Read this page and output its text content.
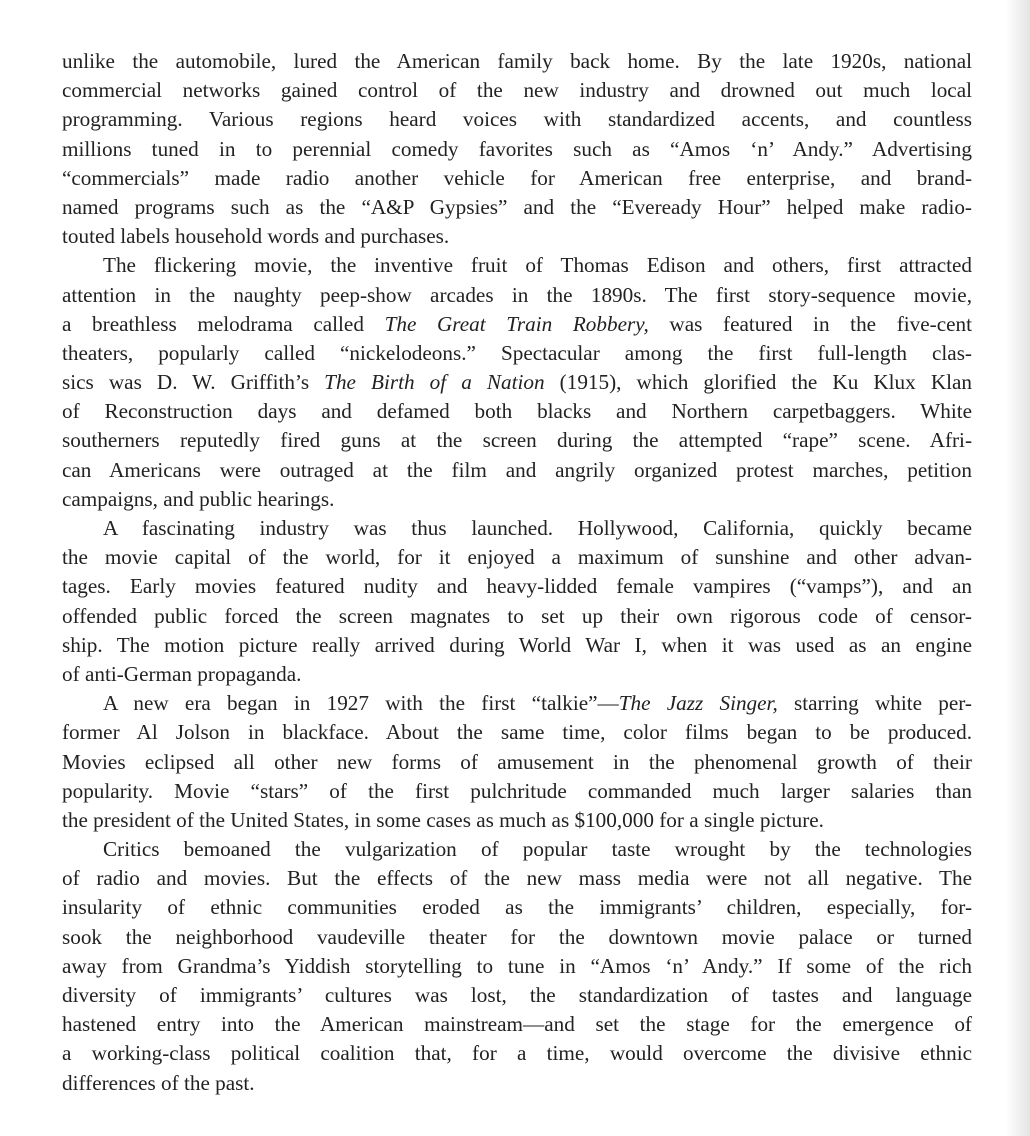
unlike the automobile, lured the American family back home. By the late 1920s, national
commercial networks gained control of the new industry and drowned out much local
programming. Various regions heard voices with standardized accents, and countless
millions tuned in to perennial comedy favorites such as “Amos ‘n’ Andy.” Advertising
“commercials” made radio another vehicle for American free enterprise, and brand-
named programs such as the “A&P Gypsies” and the “Eveready Hour” helped make radio-
touted labels household words and purchases.
The flickering movie, the inventive fruit of Thomas Edison and others, first attracted
attention in the naughty peep-show arcades in the 1890s. The first story-sequence movie,
a breathless melodrama called The Great Train Robbery, was featured in the five-cent
theaters, popularly called “nickelodeons.” Spectacular among the first full-length clas-
sics was D. W. Griffith’s The Birth of a Nation (1915), which glorified the Ku Klux Klan
of Reconstruction days and defamed both blacks and Northern carpetbaggers. White
southerners reputedly fired guns at the screen during the attempted “rape” scene. Afri-
can Americans were outraged at the film and angrily organized protest marches, petition
campaigns, and public hearings.
A fascinating industry was thus launched. Hollywood, California, quickly became
the movie capital of the world, for it enjoyed a maximum of sunshine and other advan-
tages. Early movies featured nudity and heavy-lidded female vampires (“vamps”), and an
offended public forced the screen magnates to set up their own rigorous code of censor-
ship. The motion picture really arrived during World War I, when it was used as an engine
of anti-German propaganda.
A new era began in 1927 with the first “talkie”—The Jazz Singer, starring white per-
former Al Jolson in blackface. About the same time, color films began to be produced.
Movies eclipsed all other new forms of amusement in the phenomenal growth of their
popularity. Movie “stars” of the first pulchritude commanded much larger salaries than
the president of the United States, in some cases as much as $100,000 for a single picture.
Critics bemoaned the vulgarization of popular taste wrought by the technologies
of radio and movies. But the effects of the new mass media were not all negative. The
insularity of ethnic communities eroded as the immigrants’ children, especially, for-
sook the neighborhood vaudeville theater for the downtown movie palace or turned
away from Grandma’s Yiddish storytelling to tune in “Amos ‘n’ Andy.” If some of the rich
diversity of immigrants’ cultures was lost, the standardization of tastes and language
hastened entry into the American mainstream—and set the stage for the emergence of
a working-class political coalition that, for a time, would overcome the divisive ethnic
differences of the past.
